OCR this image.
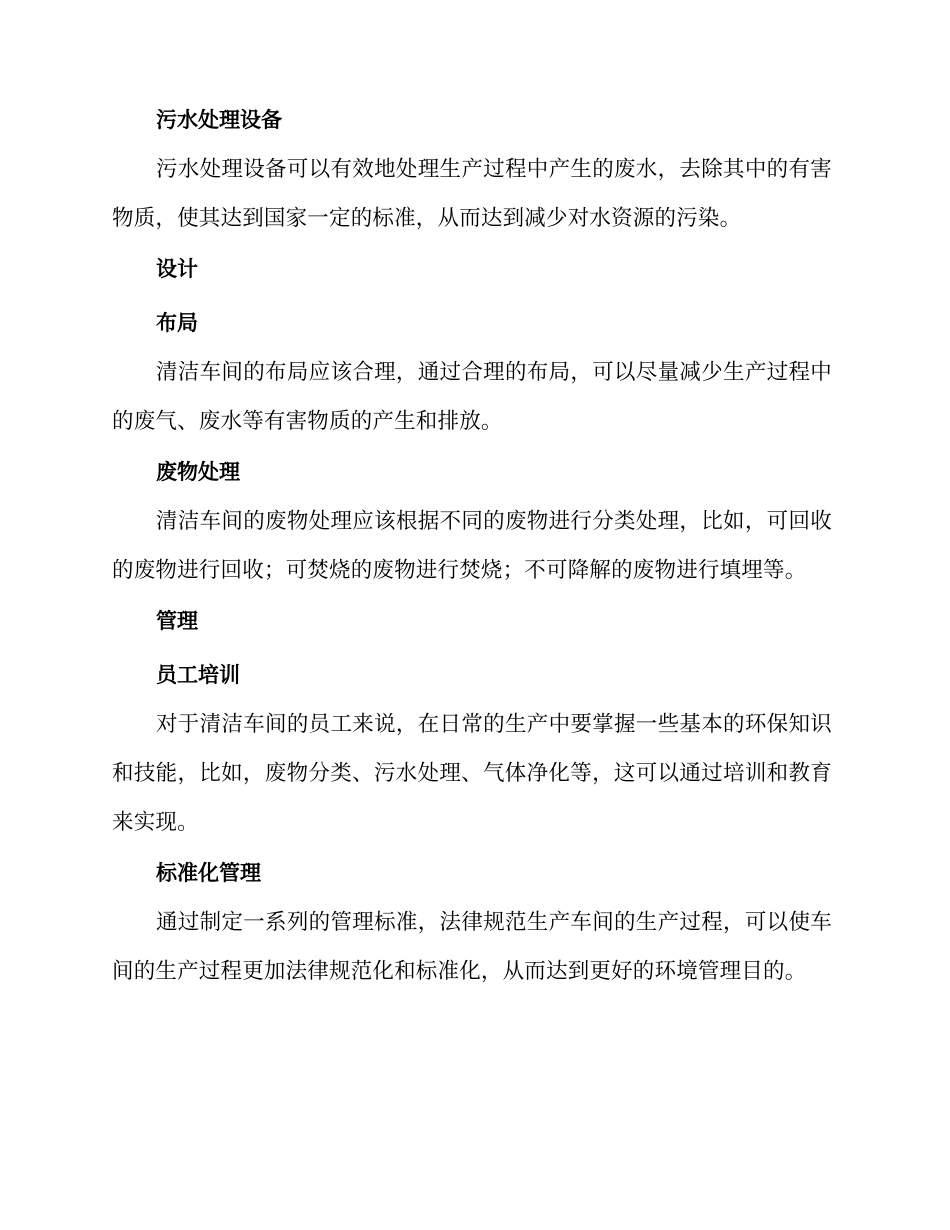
污水处理设备

污水处理设备可以有效地处理生产过程中产生的废水，去除其中的有害物质，使其达到国家一定的标准，从而达到减少对水资源的污染。

设计
布局

清洁车间的布局应该合理，通过合理的布局，可以尽量减少生产过程中的废气、废水等有害物质的产生和排放。

废物处理

清洁车间的废物处理应该根据不同的废物进行分类处理，比如，可回收的废物进行回收；可焚烧的废物进行焚烧；不可降解的废物进行填埋等。

管理
员工培训

对于清洁车间的员工来说，在日常的生产中要掌握一些基本的环保知识和技能，比如，废物分类、污水处理、气体净化等，这可以通过培训和教育来实现。

标准化管理

通过制定一系列的管理标准，法律规范生产车间的生产过程，可以使车间的生产过程更加法律规范化和标准化，从而达到更好的环境管理目的。
